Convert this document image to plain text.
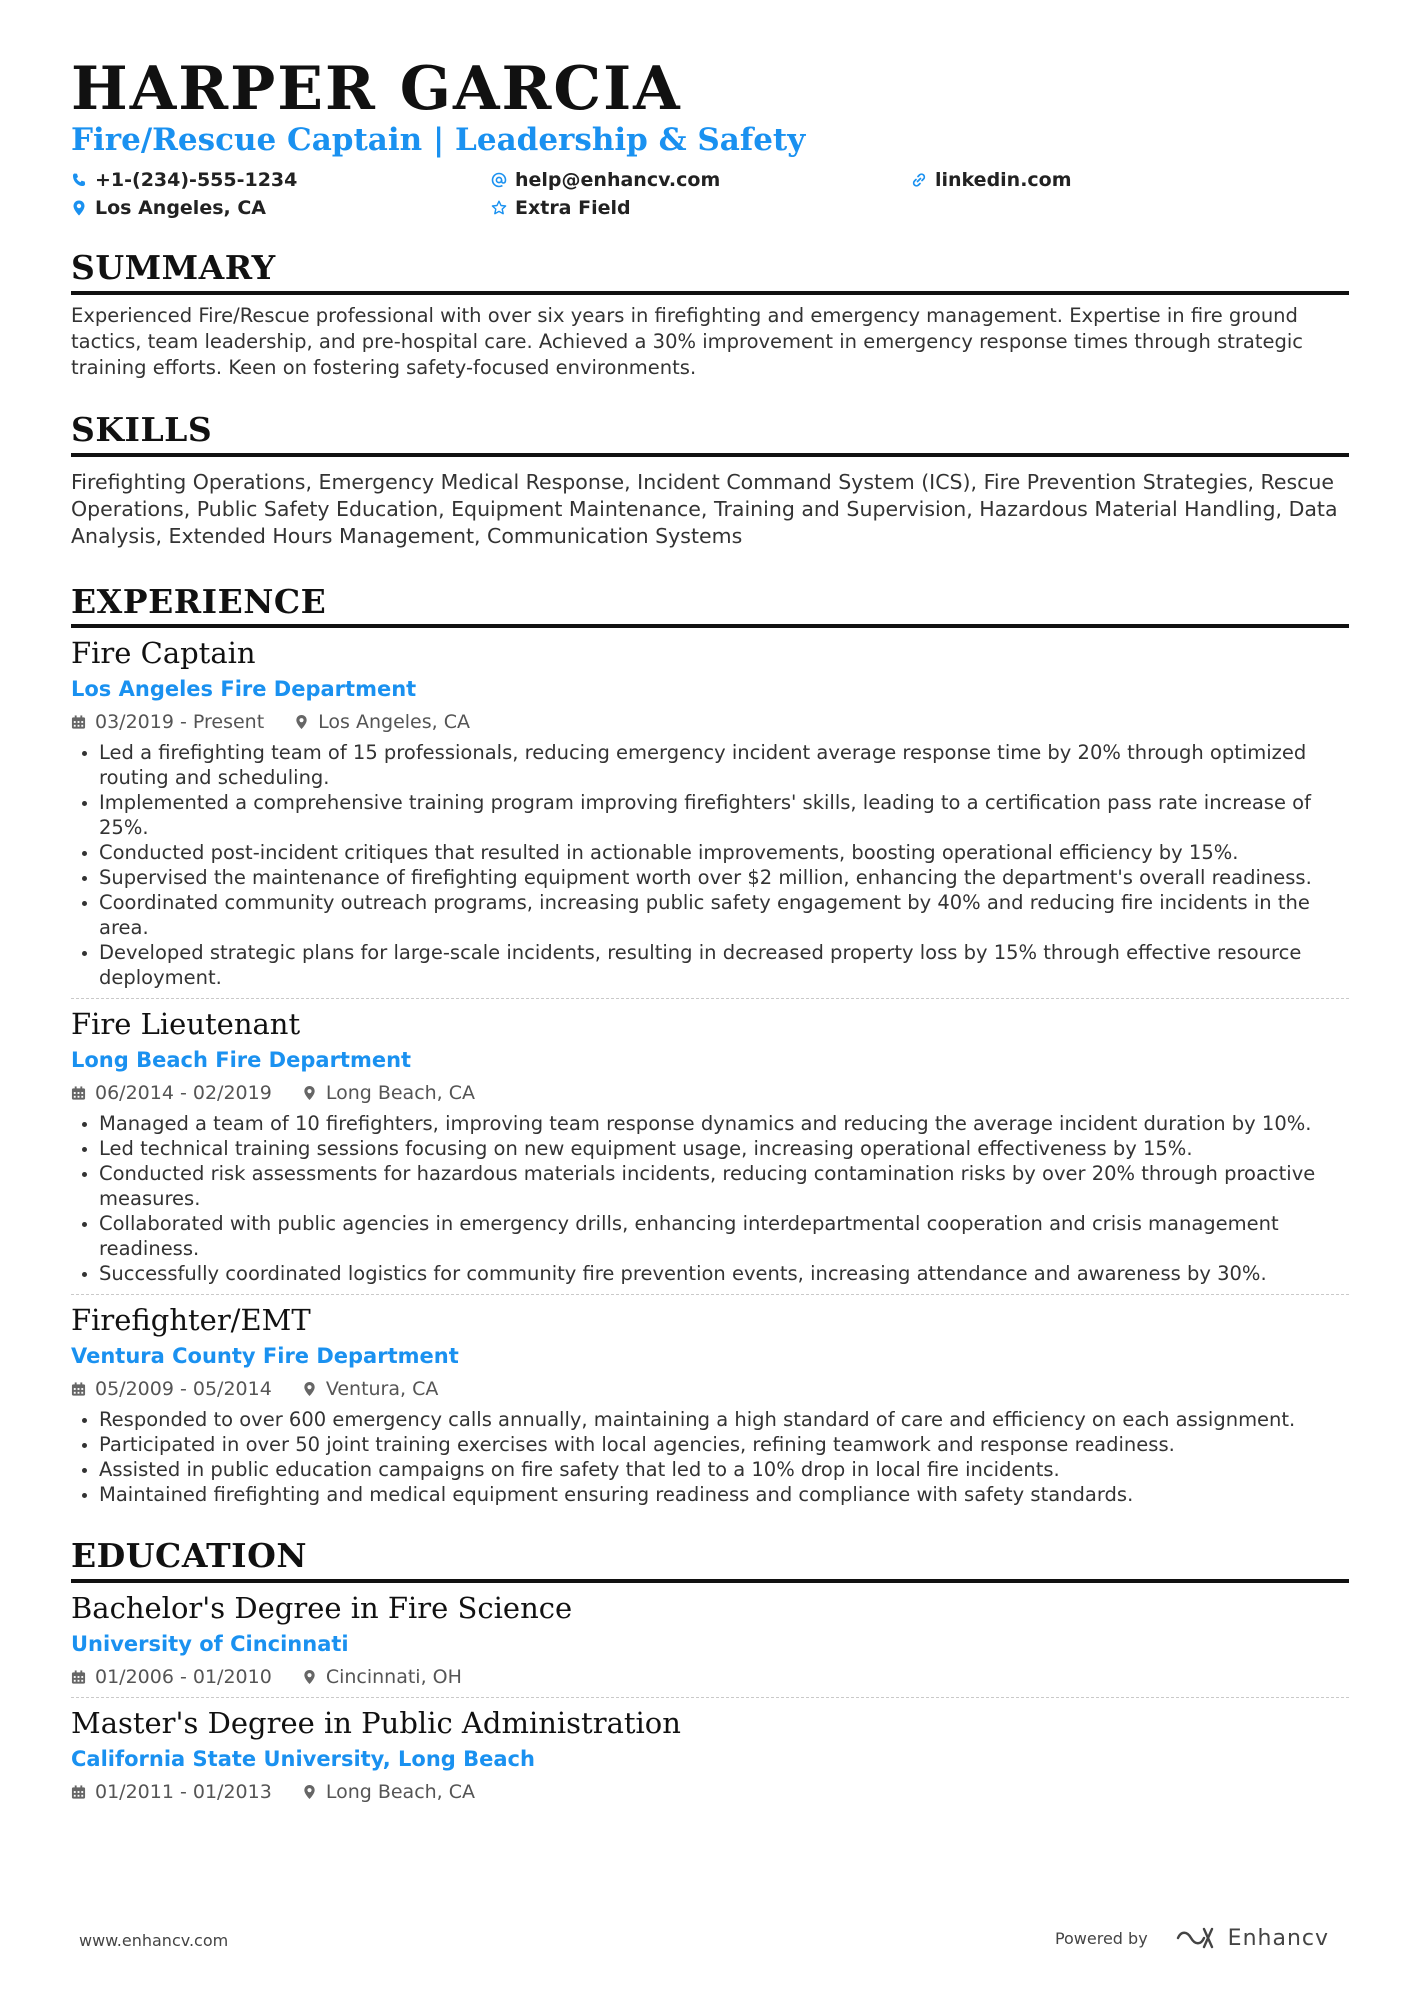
HARPER GARCIA
Fire/Rescue Captain | Leadership & Safety
+1-(234)-555-1234	help@enhancv.com	linkedin.com
Los Angeles, CA	Extra Field
SUMMARY
Experienced Fire/Rescue professional with over six years in firefighting and emergency management. Expertise in fire ground tactics, team leadership, and pre-hospital care. Achieved a 30% improvement in emergency response times through strategic training efforts. Keen on fostering safety-focused environments.
SKILLS
Firefighting Operations, Emergency Medical Response, Incident Command System (ICS), Fire Prevention Strategies, Rescue Operations, Public Safety Education, Equipment Maintenance, Training and Supervision, Hazardous Material Handling, Data Analysis, Extended Hours Management, Communication Systems
EXPERIENCE
Fire Captain
Los Angeles Fire Department
03/2019 - Present	Los Angeles, CA
• Led a firefighting team of 15 professionals, reducing emergency incident average response time by 20% through optimized routing and scheduling.
• Implemented a comprehensive training program improving firefighters' skills, leading to a certification pass rate increase of 25%.
• Conducted post-incident critiques that resulted in actionable improvements, boosting operational efficiency by 15%.
• Supervised the maintenance of firefighting equipment worth over $2 million, enhancing the department's overall readiness.
• Coordinated community outreach programs, increasing public safety engagement by 40% and reducing fire incidents in the area.
• Developed strategic plans for large-scale incidents, resulting in decreased property loss by 15% through effective resource deployment.
Fire Lieutenant
Long Beach Fire Department
06/2014 - 02/2019	Long Beach, CA
• Managed a team of 10 firefighters, improving team response dynamics and reducing the average incident duration by 10%.
• Led technical training sessions focusing on new equipment usage, increasing operational effectiveness by 15%.
• Conducted risk assessments for hazardous materials incidents, reducing contamination risks by over 20% through proactive measures.
• Collaborated with public agencies in emergency drills, enhancing interdepartmental cooperation and crisis management readiness.
• Successfully coordinated logistics for community fire prevention events, increasing attendance and awareness by 30%.
Firefighter/EMT
Ventura County Fire Department
05/2009 - 05/2014	Ventura, CA
• Responded to over 600 emergency calls annually, maintaining a high standard of care and efficiency on each assignment.
• Participated in over 50 joint training exercises with local agencies, refining teamwork and response readiness.
• Assisted in public education campaigns on fire safety that led to a 10% drop in local fire incidents.
• Maintained firefighting and medical equipment ensuring readiness and compliance with safety standards.
EDUCATION
Bachelor's Degree in Fire Science
University of Cincinnati
01/2006 - 01/2010	Cincinnati, OH
Master's Degree in Public Administration
California State University, Long Beach
01/2011 - 01/2013	Long Beach, CA
www.enhancv.com	Powered by	Enhancv
